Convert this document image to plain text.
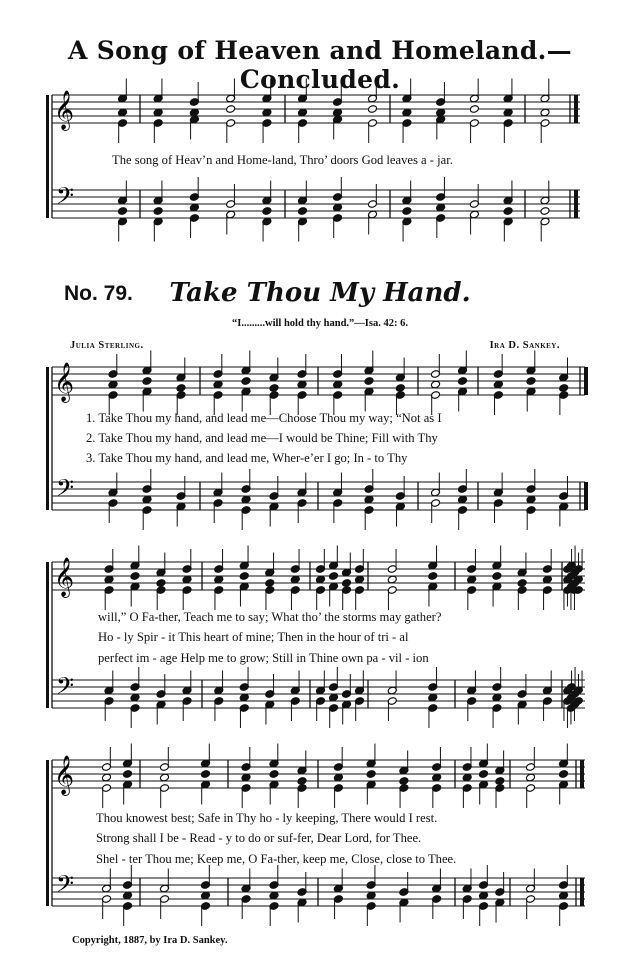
A Song of Heaven and Homeland.—Concluded.
No. 79.	Take Thou My Hand.
“I.........will hold thy hand.”—Isa. 42: 6.
Julia Sterling.	Ira D. Sankey.
The song of Heav’n and Home-land, Thro’ doors God leaves a - jar.
1. Take Thou my hand, and lead me—Choose Thou my way; “Not as I
2. Take Thou my hand, and lead me—I would be Thine; Fill with Thy
3. Take Thou my hand, and lead me, Wher-e’er I go; In - to Thy
will,” O Fa-ther, Teach me to say; What tho’ the storms may gather?
Ho - ly Spir - it This heart of mine; Then in the hour of tri - al
perfect im - age Help me to grow; Still in Thine own pa - vil - ion
Thou knowest best; Safe in Thy ho - ly keeping, There would I rest.
Strong shall I be - Read - y to do or suf-fer, Dear Lord, for Thee.
Shel - ter Thou me; Keep me, O Fa-ther, keep me, Close, close to Thee.
Copyright, 1887, by Ira D. Sankey.
𝄞
𝄢
𝄞
𝄢
𝄞
𝄢
𝄞
𝄢
